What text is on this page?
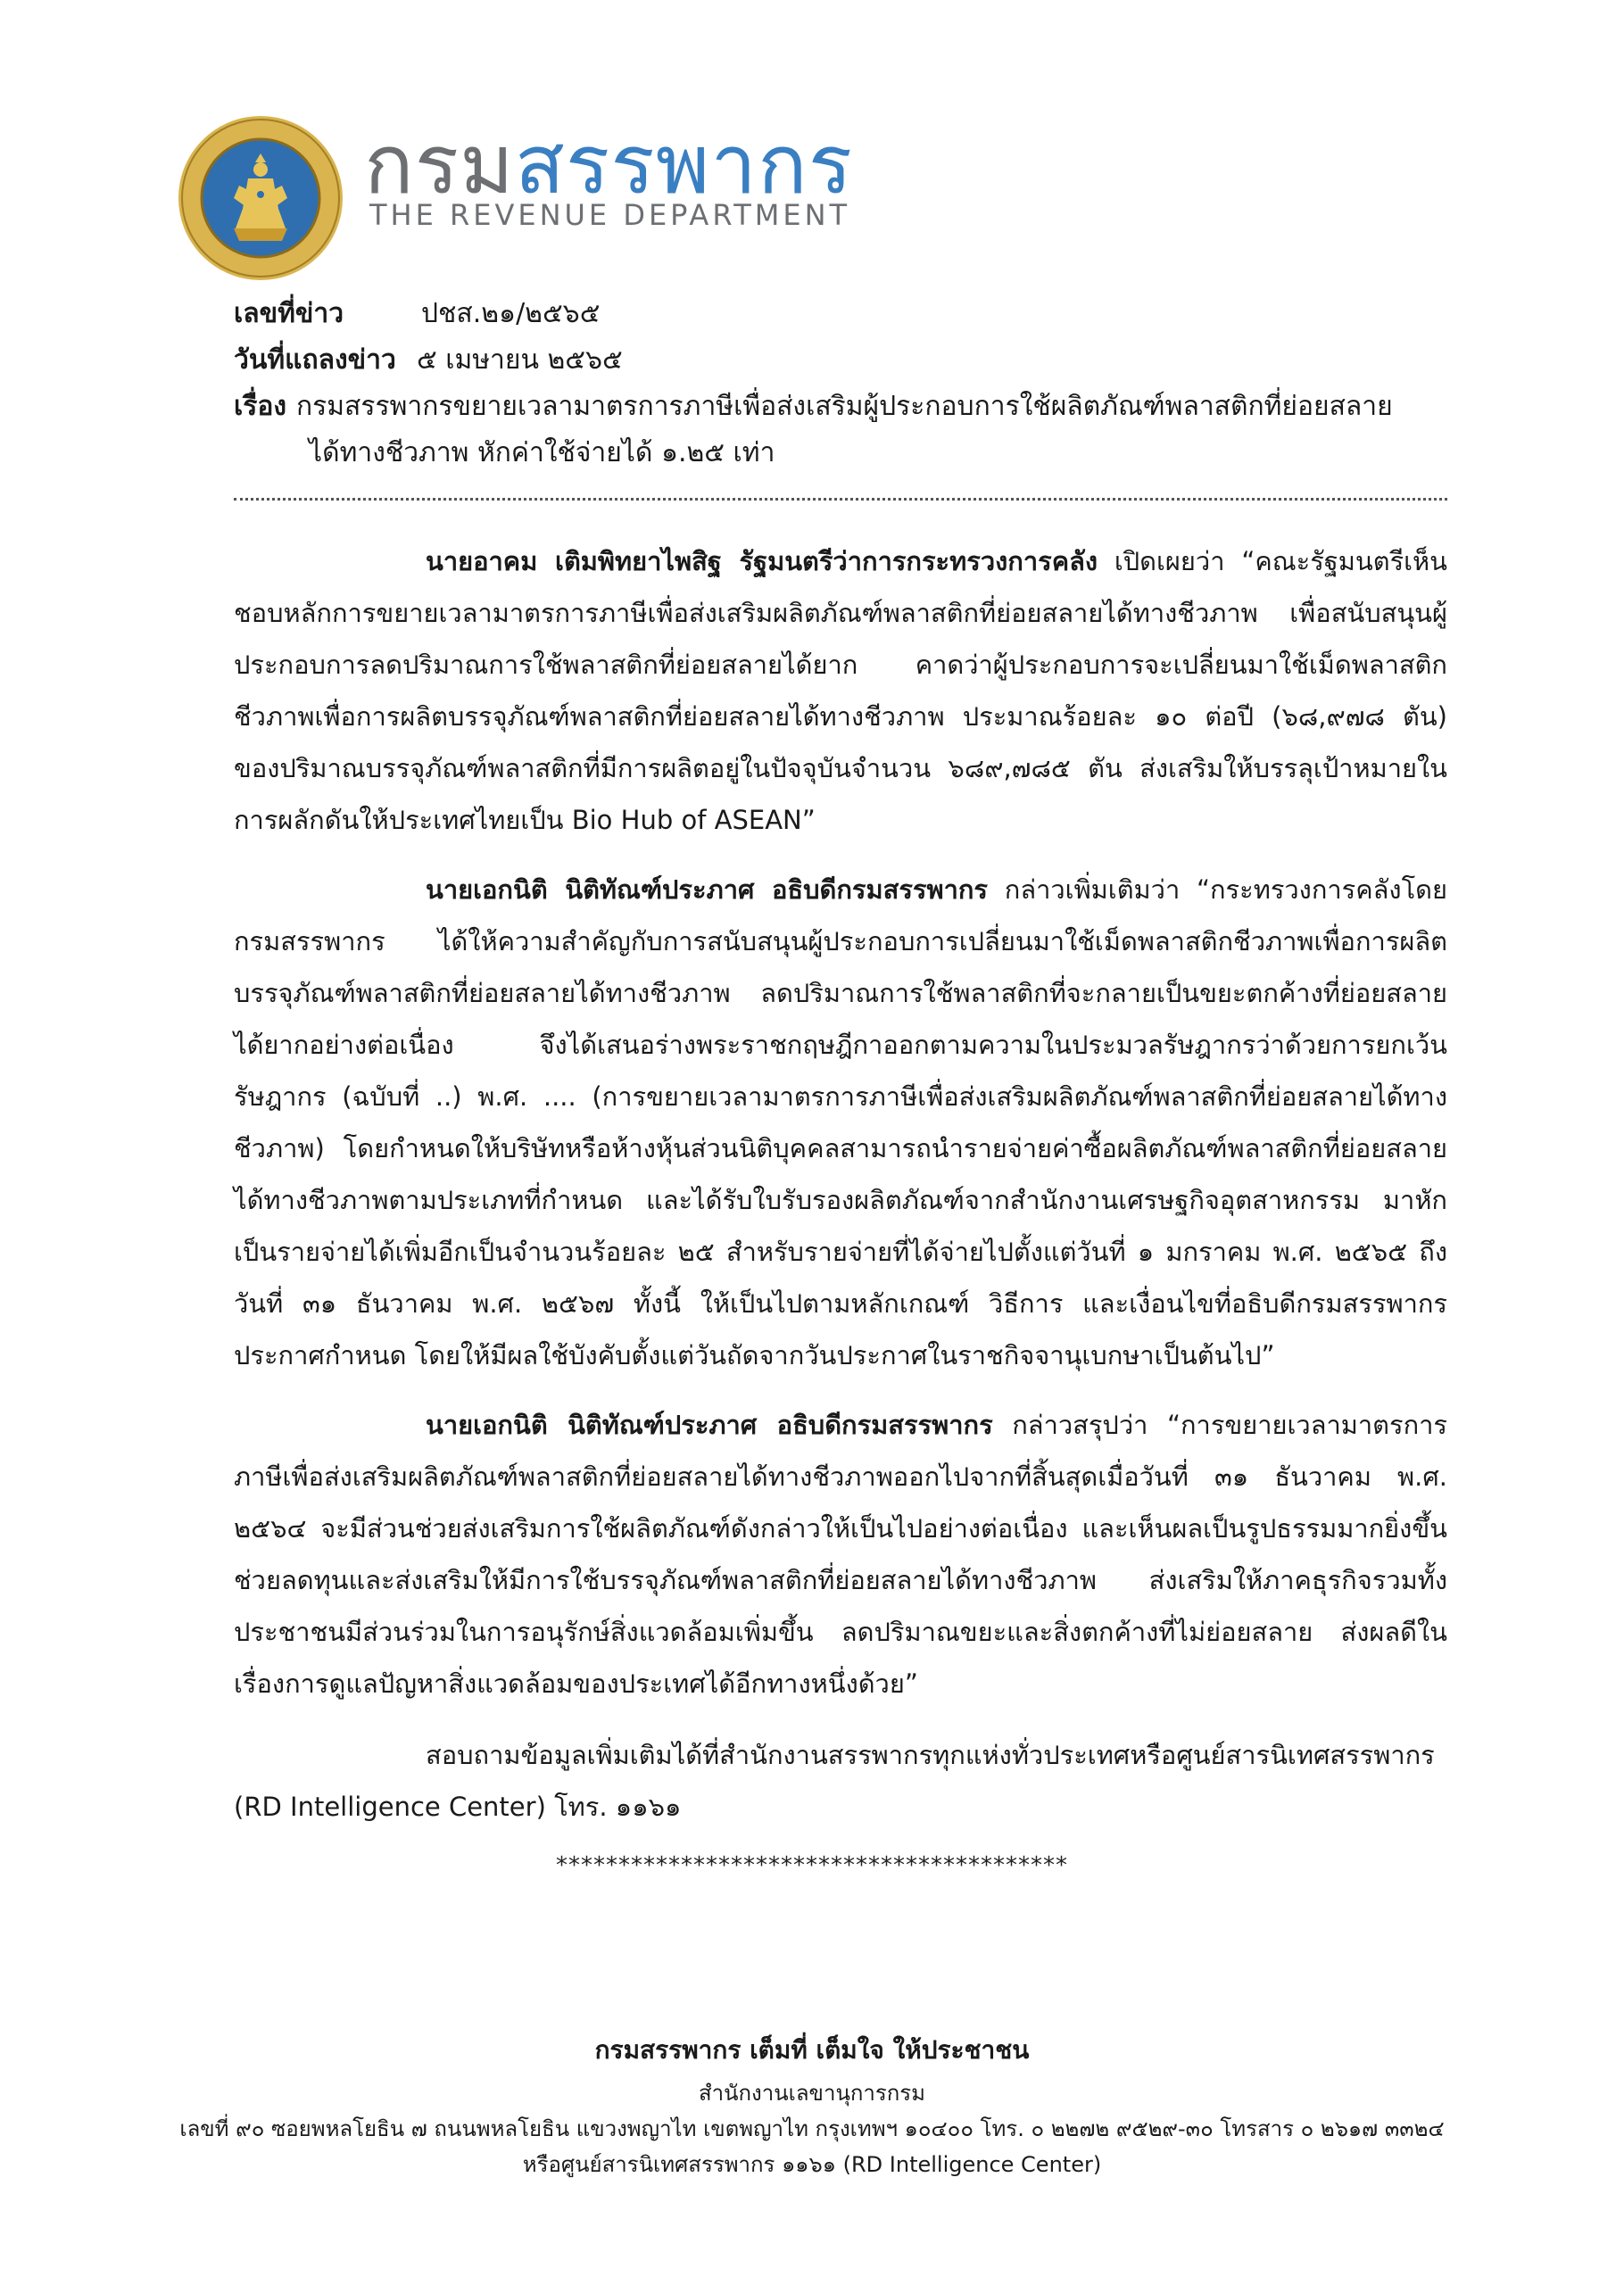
กรมสรรพากร
THE REVENUE DEPARTMENT
เลขที่ข่าว	ปชส.๒๑/๒๕๖๕
วันที่แถลงข่าว ๕ เมษายน ๒๕๖๕
เรื่อง กรมสรรพากรขยายเวลามาตรการภาษีเพื่อส่งเสริมผู้ประกอบการใช้ผลิตภัณฑ์พลาสติกที่ย่อยสลาย
ได้ทางชีวภาพ หักค่าใช้จ่ายได้ ๑.๒๕ เท่า
นายอาคม เติมพิทยาไพสิฐ รัฐมนตรีว่าการกระทรวงการคลัง เปิดเผยว่า “คณะรัฐมนตรีเห็นชอบหลักการขยายเวลามาตรการภาษีเพื่อส่งเสริมผลิตภัณฑ์พลาสติกที่ย่อยสลายได้ทางชีวภาพ เพื่อสนับสนุนผู้ประกอบการลดปริมาณการใช้พลาสติกที่ย่อยสลายได้ยาก คาดว่าผู้ประกอบการจะเปลี่ยนมาใช้เม็ดพลาสติกชีวภาพเพื่อการผลิตบรรจุภัณฑ์พลาสติกที่ย่อยสลายได้ทางชีวภาพ ประมาณร้อยละ ๑๐ ต่อปี (๖๘,๙๗๘ ตัน) ของปริมาณบรรจุภัณฑ์พลาสติกที่มีการผลิตอยู่ในปัจจุบันจำนวน ๖๘๙,๗๘๕ ตัน ส่งเสริมให้บรรลุเป้าหมายในการผลักดันให้ประเทศไทยเป็น Bio Hub of ASEAN”
นายเอกนิติ นิติทัณฑ์ประภาศ อธิบดีกรมสรรพากร กล่าวเพิ่มเติมว่า “กระทรวงการคลังโดยกรมสรรพากร ได้ให้ความสำคัญกับการสนับสนุนผู้ประกอบการเปลี่ยนมาใช้เม็ดพลาสติกชีวภาพเพื่อการผลิตบรรจุภัณฑ์พลาสติกที่ย่อยสลายได้ทางชีวภาพ ลดปริมาณการใช้พลาสติกที่จะกลายเป็นขยะตกค้างที่ย่อยสลายได้ยากอย่างต่อเนื่อง จึงได้เสนอร่างพระราชกฤษฎีกาออกตามความในประมวลรัษฎากรว่าด้วยการยกเว้นรัษฎากร (ฉบับที่ ..) พ.ศ. .... (การขยายเวลามาตรการภาษีเพื่อส่งเสริมผลิตภัณฑ์พลาสติกที่ย่อยสลายได้ทางชีวภาพ) โดยกำหนดให้บริษัทหรือห้างหุ้นส่วนนิติบุคคลสามารถนำรายจ่ายค่าซื้อผลิตภัณฑ์พลาสติกที่ย่อยสลายได้ทางชีวภาพตามประเภทที่กำหนด และได้รับใบรับรองผลิตภัณฑ์จากสำนักงานเศรษฐกิจอุตสาหกรรม มาหักเป็นรายจ่ายได้เพิ่มอีกเป็นจำนวนร้อยละ ๒๕ สำหรับรายจ่ายที่ได้จ่ายไปตั้งแต่วันที่ ๑ มกราคม พ.ศ. ๒๕๖๕ ถึงวันที่ ๓๑ ธันวาคม พ.ศ. ๒๕๖๗ ทั้งนี้ ให้เป็นไปตามหลักเกณฑ์ วิธีการ และเงื่อนไขที่อธิบดีกรมสรรพากรประกาศกำหนด โดยให้มีผลใช้บังคับตั้งแต่วันถัดจากวันประกาศในราชกิจจานุเบกษาเป็นต้นไป”
นายเอกนิติ นิติทัณฑ์ประภาศ อธิบดีกรมสรรพากร กล่าวสรุปว่า “การขยายเวลามาตรการภาษีเพื่อส่งเสริมผลิตภัณฑ์พลาสติกที่ย่อยสลายได้ทางชีวภาพออกไปจากที่สิ้นสุดเมื่อวันที่ ๓๑ ธันวาคม พ.ศ. ๒๕๖๔ จะมีส่วนช่วยส่งเสริมการใช้ผลิตภัณฑ์ดังกล่าวให้เป็นไปอย่างต่อเนื่อง และเห็นผลเป็นรูปธรรมมากยิ่งขึ้น ช่วยลดทุนและส่งเสริมให้มีการใช้บรรจุภัณฑ์พลาสติกที่ย่อยสลายได้ทางชีวภาพ ส่งเสริมให้ภาคธุรกิจรวมทั้งประชาชนมีส่วนร่วมในการอนุรักษ์สิ่งแวดล้อมเพิ่มขึ้น ลดปริมาณขยะและสิ่งตกค้างที่ไม่ย่อยสลาย ส่งผลดีในเรื่องการดูแลปัญหาสิ่งแวดล้อมของประเทศได้อีกทางหนึ่งด้วย”
สอบถามข้อมูลเพิ่มเติมได้ที่สำนักงานสรรพากรทุกแห่งทั่วประเทศหรือศูนย์สารนิเทศสรรพากร (RD Intelligence Center) โทร. ๑๑๖๑
*****************************************
กรมสรรพากร เต็มที่ เต็มใจ ให้ประชาชน
สำนักงานเลขานุการกรม
เลขที่ ๙๐ ซอยพหลโยธิน ๗ ถนนพหลโยธิน แขวงพญาไท เขตพญาไท กรุงเทพฯ ๑๐๔๐๐ โทร. ๐ ๒๒๗๒ ๙๕๒๙-๓๐ โทรสาร ๐ ๒๖๑๗ ๓๓๒๔
หรือศูนย์สารนิเทศสรรพากร ๑๑๖๑ (RD Intelligence Center)
